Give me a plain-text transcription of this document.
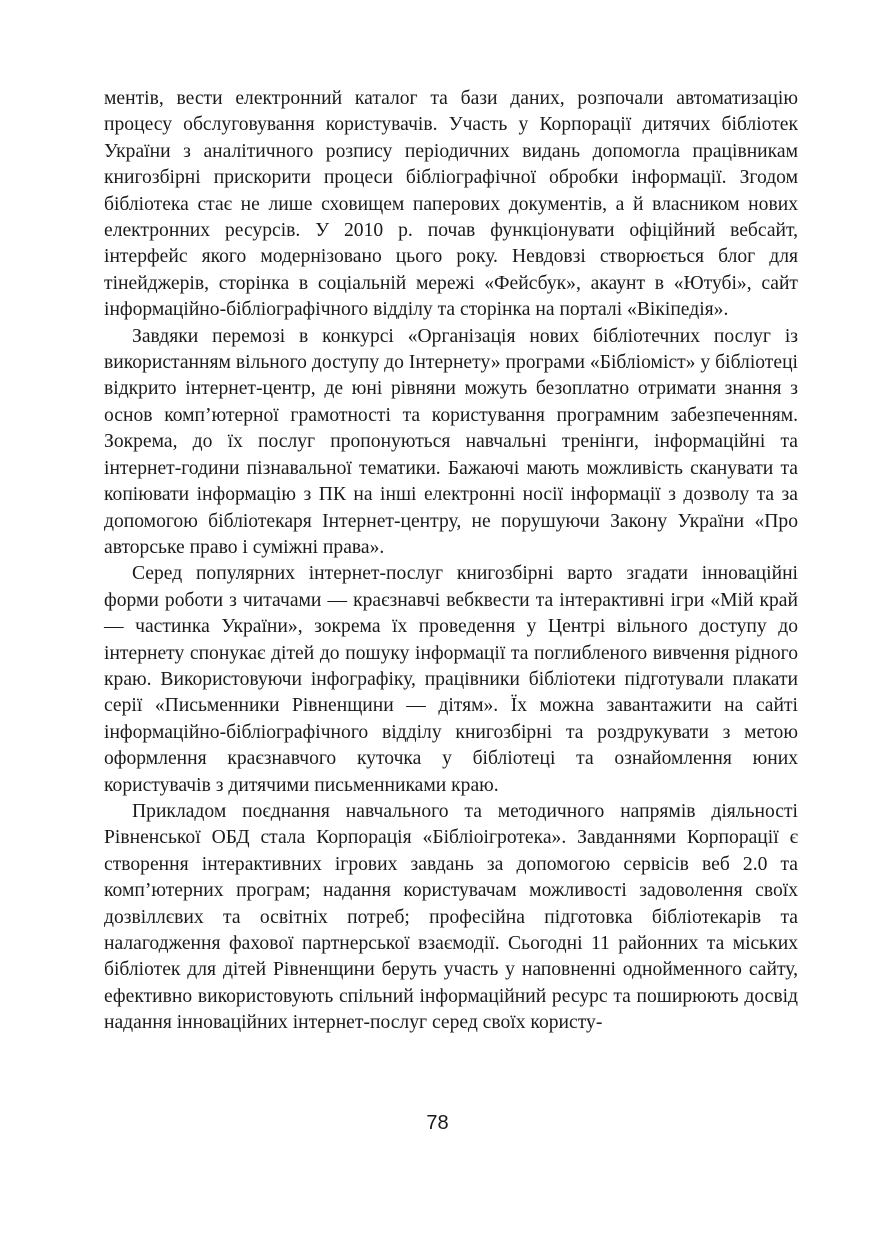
ментів, вести електронний каталог та бази даних, розпочали автоматизацію процесу обслуговування користувачів. Участь у Корпорації дитячих бібліотек України з аналітичного розпису періодичних видань допомогла працівникам книгозбірні прискорити процеси бібліографічної обробки інформації. Згодом бібліотека стає не лише сховищем паперових документів, а й власником нових електронних ресурсів. У 2010 р. почав функціонувати офіційний вебсайт, інтерфейс якого модернізовано цього року. Невдовзі створюється блог для тінейджерів, сторінка в соціальній мережі «Фейсбук», акаунт в «Ютубі», сайт інформаційно-бібліографічного відділу та сторінка на порталі «Вікіпедія».

Завдяки перемозі в конкурсі «Організація нових бібліотечних послуг із використанням вільного доступу до Інтернету» програми «Бібліоміст» у бібліотеці відкрито інтернет-центр, де юні рівняни можуть безоплатно отримати знання з основ комп’ютерної грамотності та користування програмним забезпеченням. Зокрема, до їх послуг пропонуються навчальні тренінги, інформаційні та інтернет-години пізнавальної тематики. Бажаючі мають можливість сканувати та копіювати інформацію з ПК на інші електронні носії інформації з дозволу та за допомогою бібліотекаря Інтернет-центру, не порушуючи Закону України «Про авторське право і суміжні права».

Серед популярних інтернет-послуг книгозбірні варто згадати інноваційні форми роботи з читачами — краєзнавчі вебквести та інтерактивні ігри «Мій край — частинка України», зокрема їх проведення у Центрі вільного доступу до інтернету спонукає дітей до пошуку інформації та поглибленого вивчення рідного краю. Використовуючи інфографіку, працівники бібліотеки підготували плакати серії «Письменники Рівненщини — дітям». Їх можна завантажити на сайті інформаційно-бібліографічного відділу книгозбірні та роздрукувати з метою оформлення краєзнавчого куточка у бібліотеці та ознайомлення юних користувачів з дитячими письменниками краю.

Прикладом поєднання навчального та методичного напрямів діяльності Рівненської ОБД стала Корпорація «Бібліоігротека». Завданнями Корпорації є створення інтерактивних ігрових завдань за допомогою сервісів веб 2.0 та комп’ютерних програм; надання користувачам можливості задоволення своїх дозвіллєвих та освітніх потреб; професійна підготовка бібліотекарів та налагодження фахової партнерської взаємодії. Сьогодні 11 районних та міських бібліотек для дітей Рівненщини беруть участь у наповненні однойменного сайту, ефективно використовують спільний інформаційний ресурс та поширюють досвід надання інноваційних інтернет-послуг серед своїх користу-

78
